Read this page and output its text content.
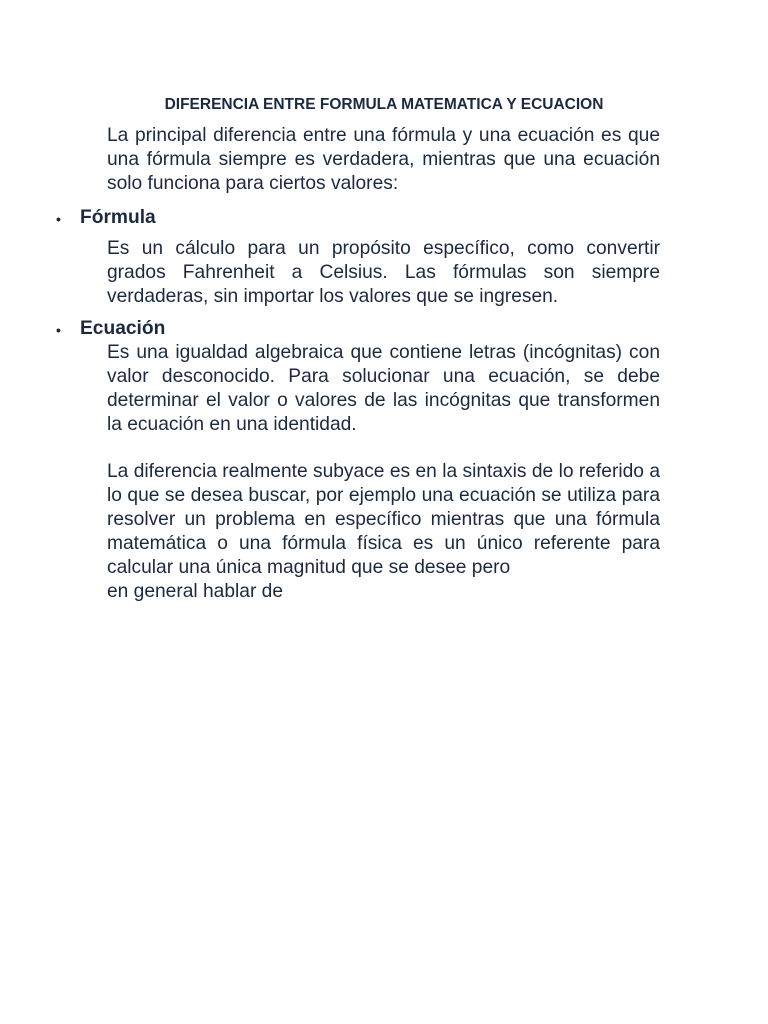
DIFERENCIA ENTRE FORMULA MATEMATICA Y ECUACION
La principal diferencia entre una fórmula y una ecuación es que una fórmula siempre es verdadera, mientras que una ecuación solo funciona para ciertos valores:
• Fórmula
Es un cálculo para un propósito específico, como convertir grados Fahrenheit a Celsius. Las fórmulas son siempre verdaderas, sin importar los valores que se ingresen.
• Ecuación
Es una igualdad algebraica que contiene letras (incógnitas) con valor desconocido. Para solucionar una ecuación, se debe determinar el valor o valores de las incógnitas que transformen la ecuación en una identidad.
La diferencia realmente subyace es en la sintaxis de lo referido a lo que se desea buscar, por ejemplo una ecuación se utiliza para resolver un problema en específico mientras que una fórmula matemática o una fórmula física es un único referente para calcular una única magnitud que se desee pero
en general hablar de
